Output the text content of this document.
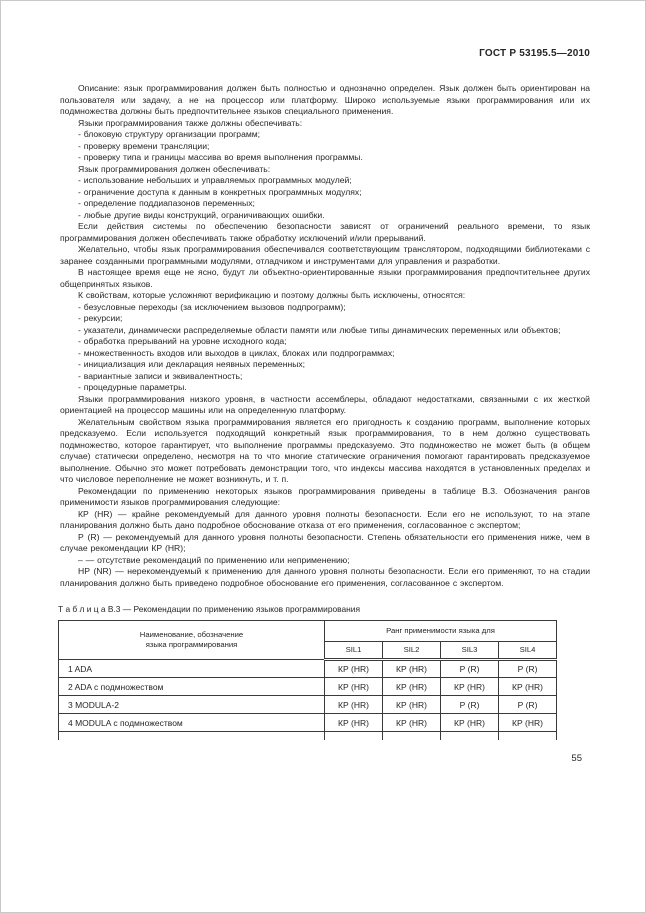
ГОСТ Р 53195.5—2010

Описание: язык программирования должен быть полностью и однозначно определен. Язык должен быть ориентирован на пользователя или задачу, а не на процессор или платформу. Широко используемые языки программирования или их подмножества должны быть предпочтительнее языков специального применения.

Языки программирования также должны обеспечивать:

- блоковую структуру организации программ;

- проверку времени трансляции;

- проверку типа и границы массива во время выполнения программы.

Язык программирования должен обеспечивать:

- использование небольших и управляемых программных модулей;

- ограничение доступа к данным в конкретных программных модулях;

- определение поддиапазонов переменных;

- любые другие виды конструкций, ограничивающих ошибки.

Если действия системы по обеспечению безопасности зависят от ограничений реального времени, то язык программирования должен обеспечивать также обработку исключений и/или прерываний.

Желательно, чтобы язык программирования обеспечивался соответствующим транслятором, подходящими библиотеками с заранее созданными программными модулями, отладчиком и инструментами для управления и разработки.

В настоящее время еще не ясно, будут ли объектно-ориентированные языки программирования предпочтительнее других общепринятых языков.

К свойствам, которые усложняют верификацию и поэтому должны быть исключены, относятся:

- безусловные переходы (за исключением вызовов подпрограмм);

- рекурсии;

- указатели, динамически распределяемые области памяти или любые типы динамических переменных или объектов;

- обработка прерываний на уровне исходного кода;

- множественность входов или выходов в циклах, блоках или подпрограммах;

- инициализация или декларация неявных переменных;

- вариантные записи и эквивалентность;

- процедурные параметры.

Языки программирования низкого уровня, в частности ассемблеры, обладают недостатками, связанными с их жесткой ориентацией на процессор машины или на определенную платформу.

Желательным свойством языка программирования является его пригодность к созданию программ, выполнение которых предсказуемо. Если используется подходящий конкретный язык программирования, то в нем должно существовать подмножество, которое гарантирует, что выполнение программы предсказуемо. Это подмножество не может быть (в общем случае) статически определено, несмотря на то что многие статические ограничения помогают гарантировать предсказуемое выполнение. Обычно это может потребовать демонстрации того, что индексы массива находятся в установленных пределах и что числовое переполнение не может возникнуть, и т. п.

Рекомендации по применению некоторых языков программирования приведены в таблице В.3. Обозначения рангов применимости языков программирования следующие:

КР (HR) — крайне рекомендуемый для данного уровня полноты безопасности. Если его не используют, то на этапе планирования должно быть дано подробное обоснование отказа от его применения, согласованное с экспертом;

Р (R) — рекомендуемый для данного уровня полноты безопасности. Степень обязательности его применения ниже, чем в случае рекомендации КР (HR);

– — отсутствие рекомендаций по применению или неприменению;

НР (NR) — нерекомендуемый к применению для данного уровня полноты безопасности. Если его применяют, то на стадии планирования должно быть приведено подробное обоснование его применения, согласованное с экспертом.

Т а б л и ц а В.3 — Рекомендации по применению языков программирования

Наименование, обозначение
языка программирования	Ранг применимости языка для			
	SIL1	SIL2	SIL3	SIL4
1 ADA	КР (HR)	КР (HR)	Р (R)	Р (R)
2 ADA с подмножеством	КР (HR)	КР (HR)	КР (HR)	КР (HR)
3 MODULA-2	КР (HR)	КР (HR)	Р (R)	Р (R)
4 MODULA с подмножеством	КР (HR)	КР (HR)	КР (HR)	КР (HR)

55
